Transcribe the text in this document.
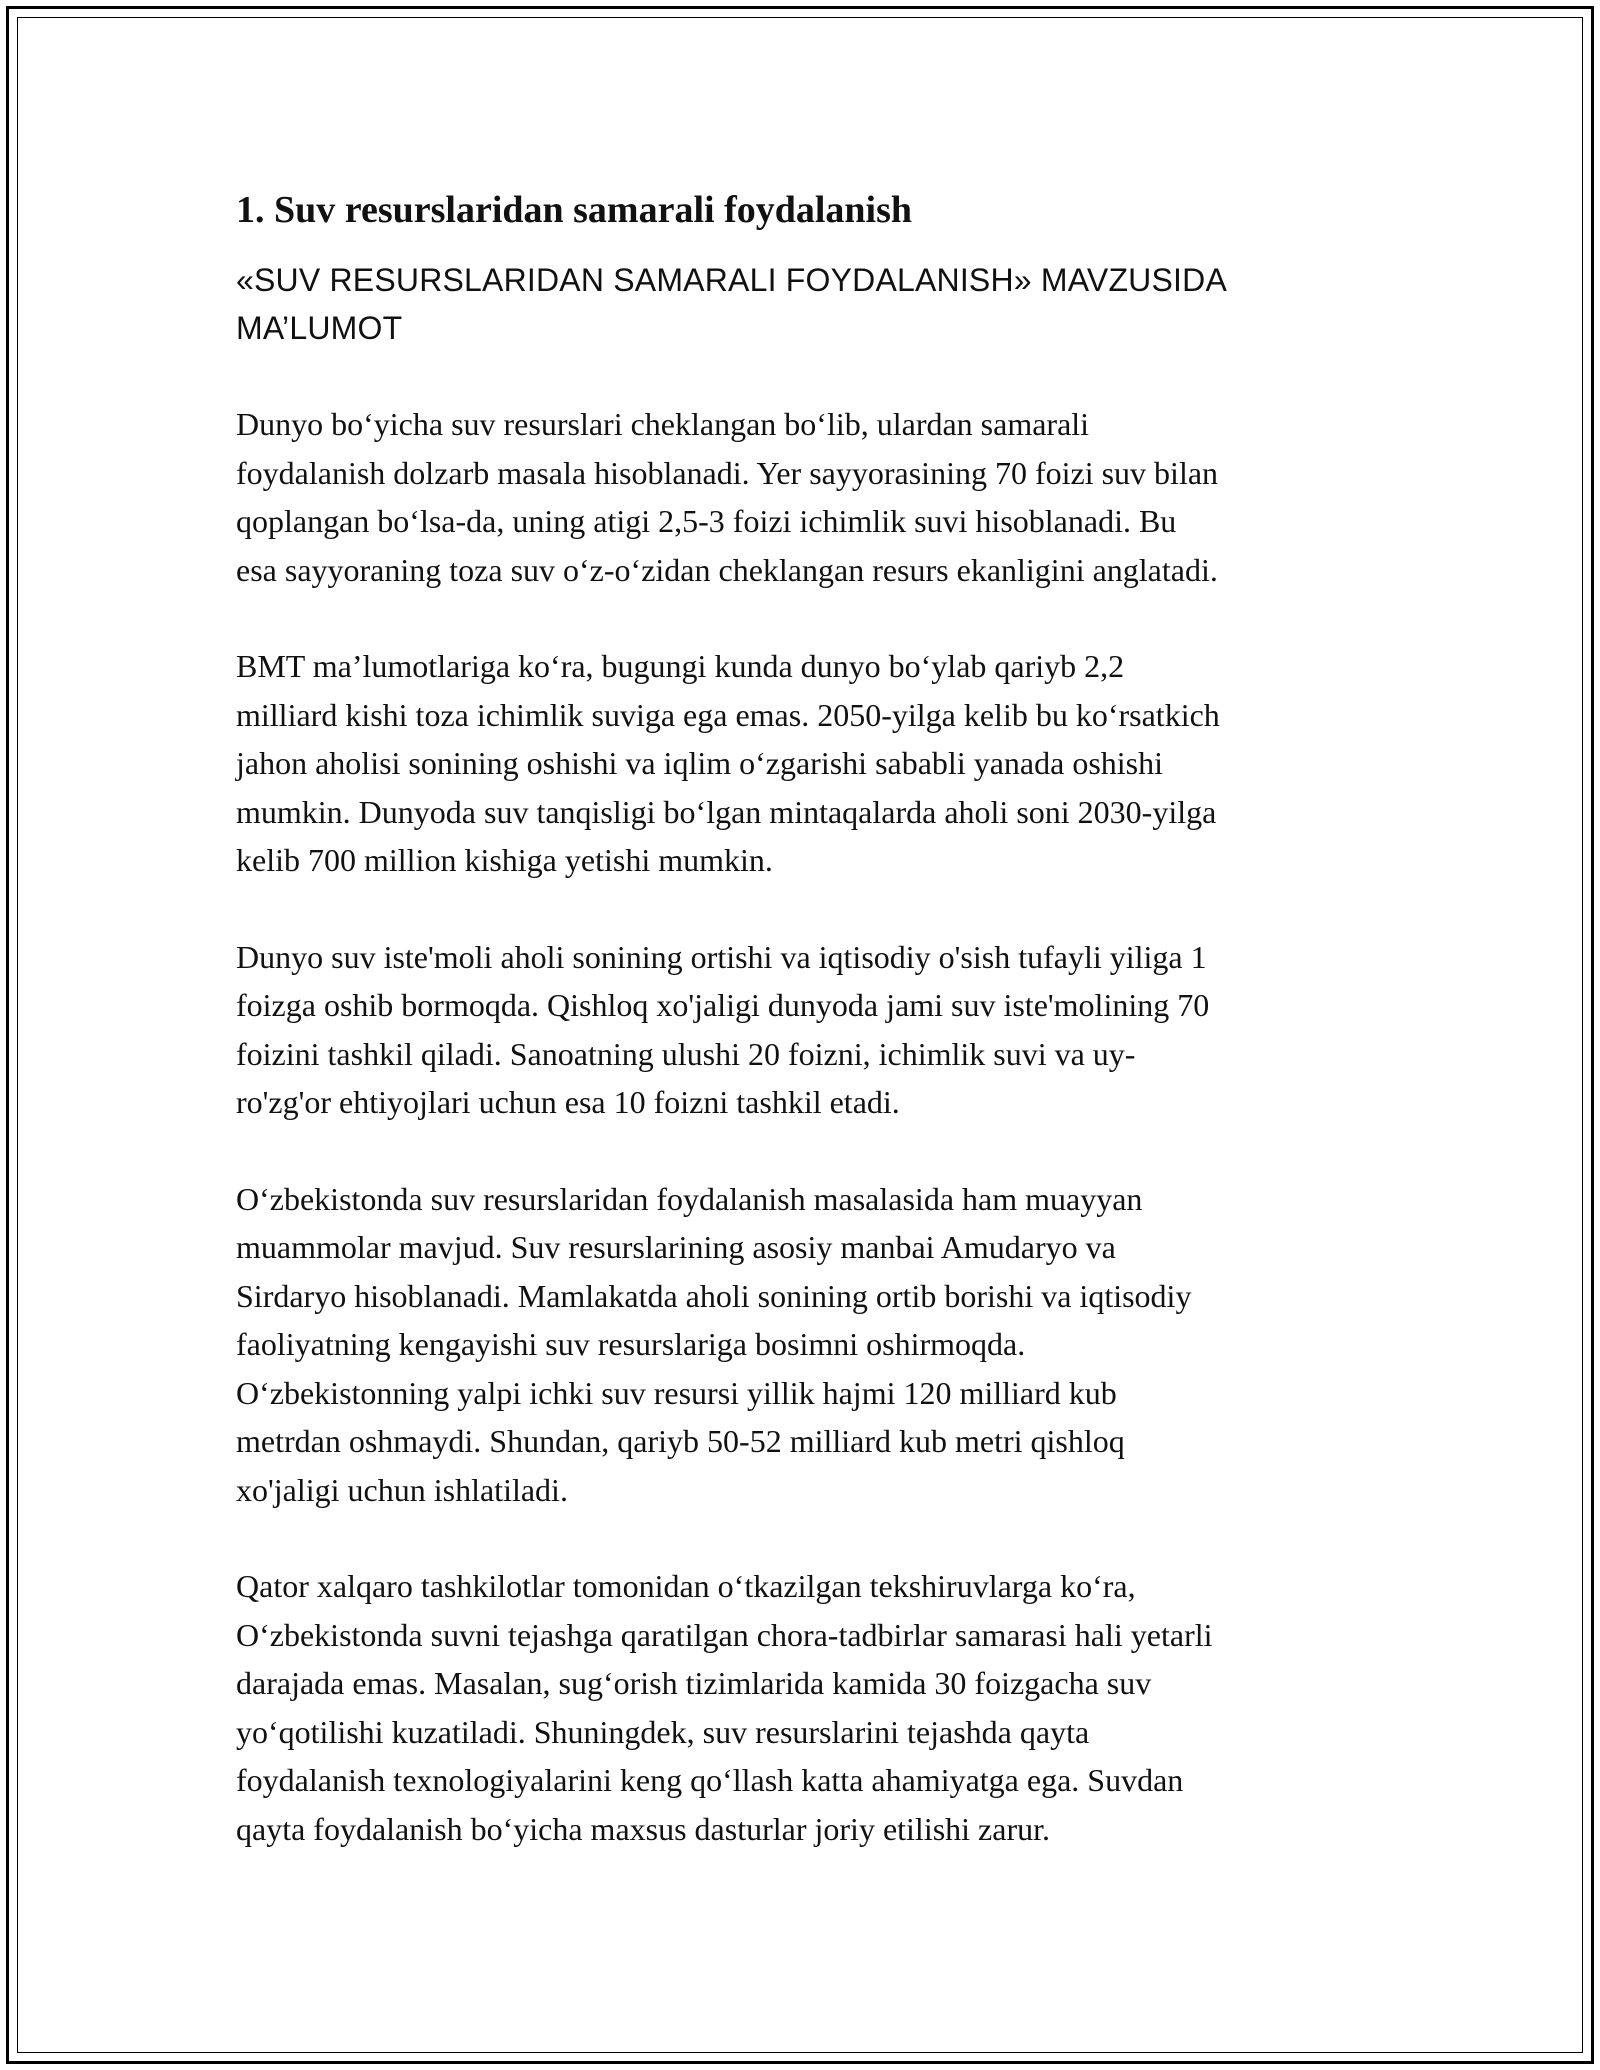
1. Suv resurslaridan samarali foydalanish
«SUV RESURSLARIDAN SAMARALI FOYDALANISH» MAVZUSIDA
MA’LUMOT
Dunyo bo‘yicha suv resurslari cheklangan bo‘lib, ulardan samarali
foydalanish dolzarb masala hisoblanadi. Yer sayyorasining 70 foizi suv bilan
qoplangan bo‘lsa-da, uning atigi 2,5-3 foizi ichimlik suvi hisoblanadi. Bu
esa sayyoraning toza suv o‘z-o‘zidan cheklangan resurs ekanligini anglatadi.
BMT ma’lumotlariga ko‘ra, bugungi kunda dunyo bo‘ylab qariyb 2,2
milliard kishi toza ichimlik suviga ega emas. 2050-yilga kelib bu ko‘rsatkich
jahon aholisi sonining oshishi va iqlim o‘zgarishi sababli yanada oshishi
mumkin. Dunyoda suv tanqisligi bo‘lgan mintaqalarda aholi soni 2030-yilga
kelib 700 million kishiga yetishi mumkin.
Dunyo suv iste'moli aholi sonining ortishi va iqtisodiy o'sish tufayli yiliga 1
foizga oshib bormoqda. Qishloq xo'jaligi dunyoda jami suv iste'molining 70
foizini tashkil qiladi. Sanoatning ulushi 20 foizni, ichimlik suvi va uy-
ro'zg'or ehtiyojlari uchun esa 10 foizni tashkil etadi.
O‘zbekistonda suv resurslaridan foydalanish masalasida ham muayyan
muammolar mavjud. Suv resurslarining asosiy manbai Amudaryo va
Sirdaryo hisoblanadi. Mamlakatda aholi sonining ortib borishi va iqtisodiy
faoliyatning kengayishi suv resurslariga bosimni oshirmoqda.
O‘zbekistonning yalpi ichki suv resursi yillik hajmi 120 milliard kub
metrdan oshmaydi. Shundan, qariyb 50-52 milliard kub metri qishloq
xo'jaligi uchun ishlatiladi.
Qator xalqaro tashkilotlar tomonidan o‘tkazilgan tekshiruvlarga ko‘ra,
O‘zbekistonda suvni tejashga qaratilgan chora-tadbirlar samarasi hali yetarli
darajada emas. Masalan, sug‘orish tizimlarida kamida 30 foizgacha suv
yo‘qotilishi kuzatiladi. Shuningdek, suv resurslarini tejashda qayta
foydalanish texnologiyalarini keng qo‘llash katta ahamiyatga ega. Suvdan
qayta foydalanish bo‘yicha maxsus dasturlar joriy etilishi zarur.
